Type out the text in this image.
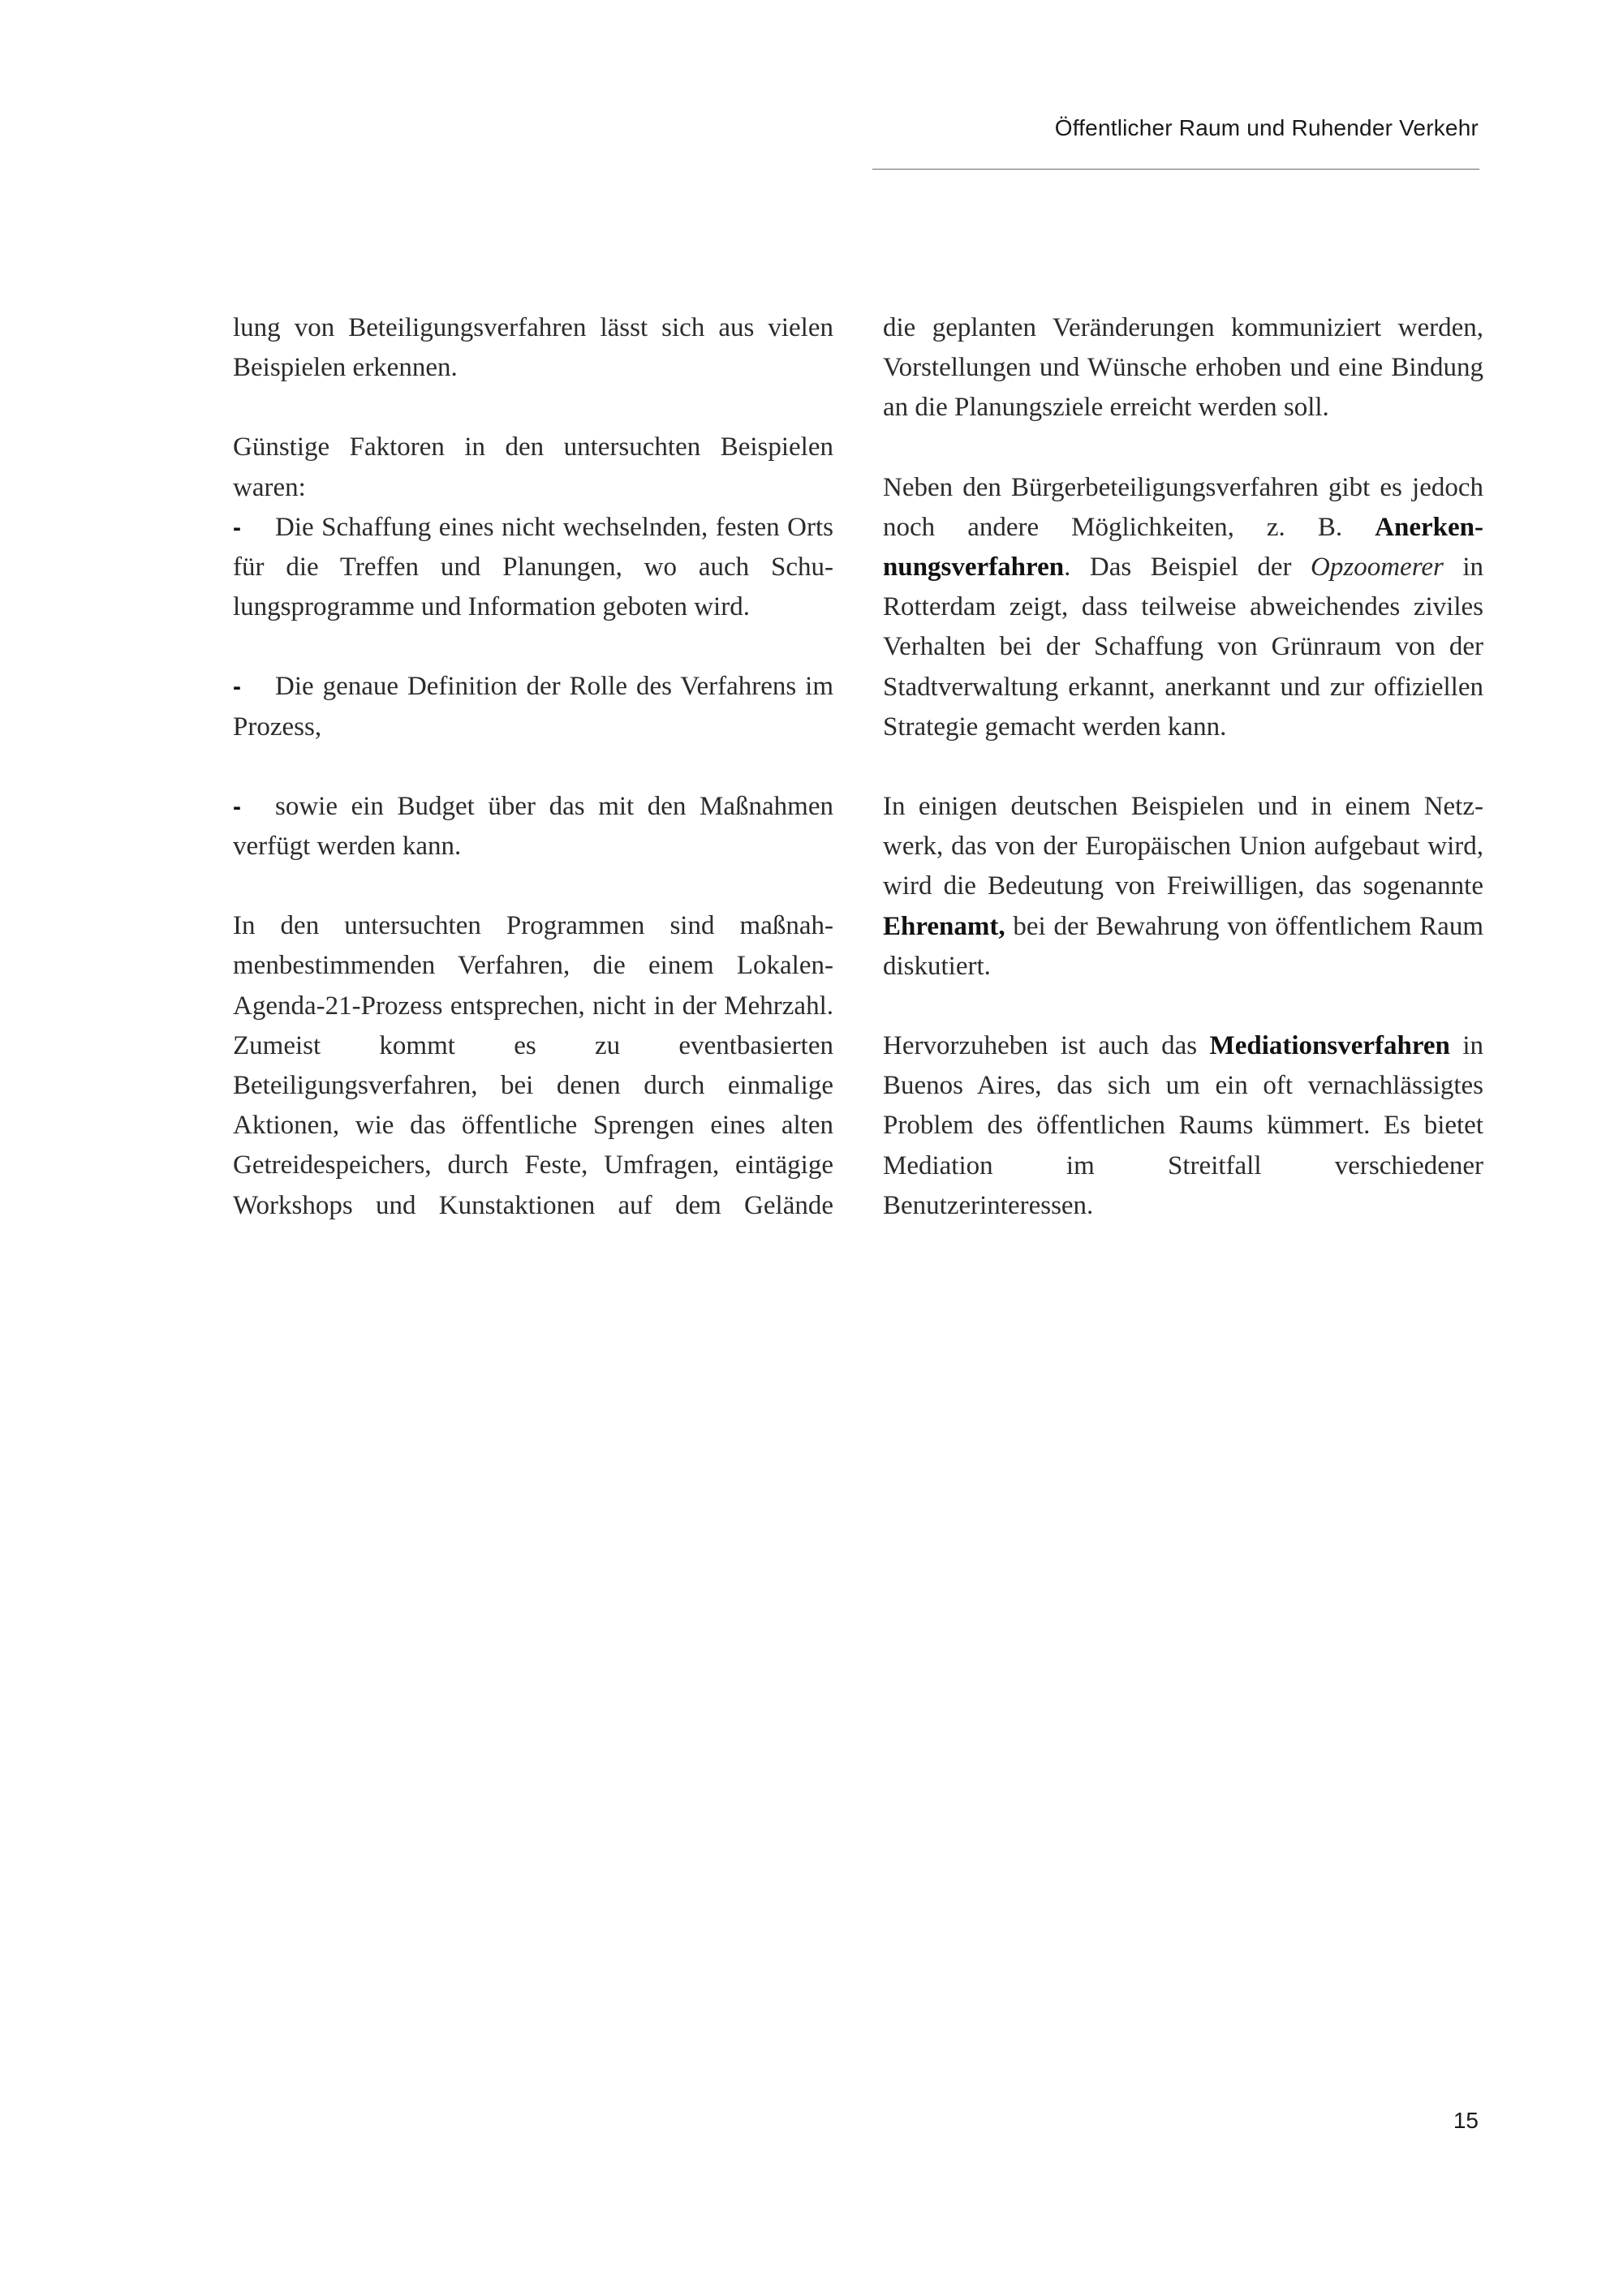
Öffentlicher Raum und Ruhender Verkehr

lung von Beteiligungsverfahren lässt sich aus vielen Beispielen erkennen.

Günstige Faktoren in den untersuchten Beispielen waren:

- Die Schaffung eines nicht wechselnden, festen Orts für die Treffen und Planungen, wo auch Schulungsprogramme und Information geboten wird.

- Die genaue Definition der Rolle des Verfahrens im Prozess,

- sowie ein Budget über das mit den Maßnahmen verfügt werden kann.

In den untersuchten Programmen sind maßnahmenbestimmenden Verfahren, die einem Lokalen-Agenda-21-Prozess entsprechen, nicht in der Mehrzahl. Zumeist kommt es zu eventbasierten Beteiligungsverfahren, bei denen durch einmalige Aktionen, wie das öffentliche Sprengen eines alten Getreidespeichers, durch Feste, Umfragen, eintägige Workshops und Kunstaktionen auf dem Gelände

die geplanten Veränderungen kommuniziert werden, Vorstellungen und Wünsche erhoben und eine Bindung an die Planungsziele erreicht werden soll.

Neben den Bürgerbeteiligungsverfahren gibt es jedoch noch andere Möglichkeiten, z. B. Anerkennungsverfahren. Das Beispiel der Opzoomerer in Rotterdam zeigt, dass teilweise abweichendes ziviles Verhalten bei der Schaffung von Grünraum von der Stadtverwaltung erkannt, anerkannt und zur offiziellen Strategie gemacht werden kann.

In einigen deutschen Beispielen und in einem Netzwerk, das von der Europäischen Union aufgebaut wird, wird die Bedeutung von Freiwilligen, das sogenannte Ehrenamt, bei der Bewahrung von öffentlichem Raum diskutiert.

Hervorzuheben ist auch das Mediationsverfahren in Buenos Aires, das sich um ein oft vernachlässigtes Problem des öffentlichen Raums kümmert. Es bietet Mediation im Streitfall verschiedener Benutzerinteressen.

15
